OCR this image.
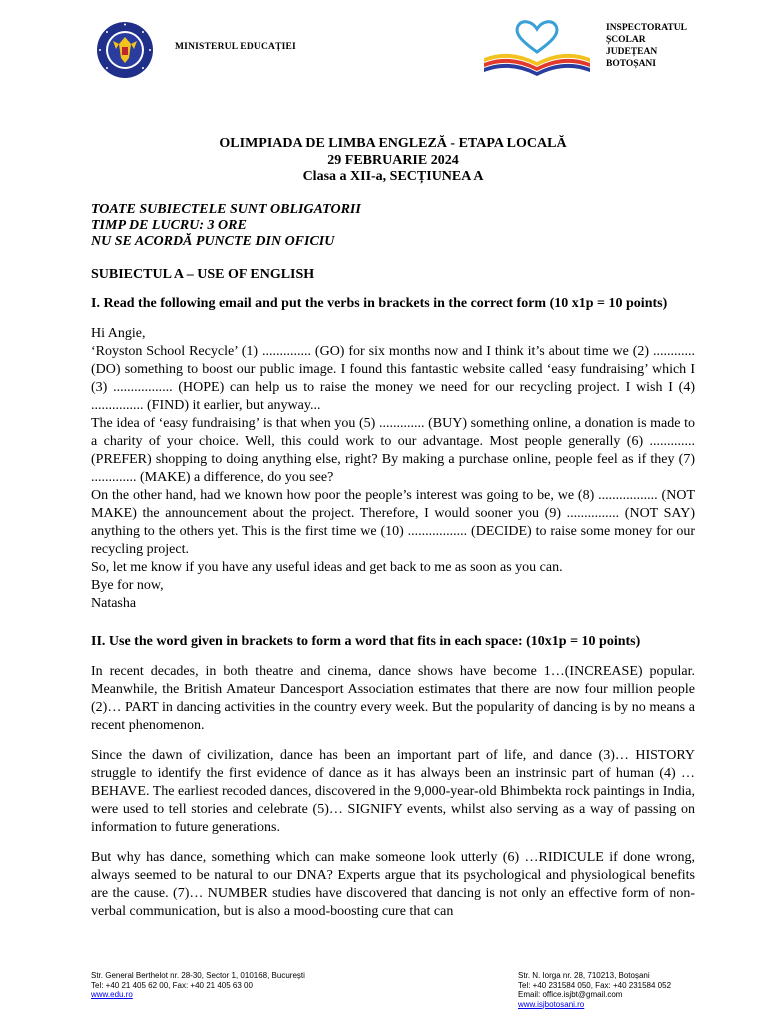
MINISTERUL EDUCAȚIEI
INSPECTORATUL
ȘCOLAR
JUDEȚEAN
BOTOȘANI
OLIMPIADA DE LIMBA ENGLEZĂ - ETAPA LOCALĂ
29 FEBRUARIE 2024
Clasa a XII-a, SECȚIUNEA A
TOATE SUBIECTELE SUNT OBLIGATORII
TIMP DE LUCRU: 3 ORE
NU SE ACORDĂ PUNCTE DIN OFICIU
SUBIECTUL A – USE OF ENGLISH
I. Read the following email and put the verbs in brackets in the correct form (10 x1p = 10 points)
Hi Angie,
‘Royston School Recycle’ (1) .............. (GO) for six months now and I think it’s about time we (2) ............ (DO) something to boost our public image. I found this fantastic website called ‘easy fundraising’ which I (3) ................. (HOPE) can help us to raise the money we need for our recycling project. I wish I (4) ............... (FIND) it earlier, but anyway...
The idea of ‘easy fundraising’ is that when you (5) ............. (BUY) something online, a donation is made to a charity of your choice. Well, this could work to our advantage. Most people generally (6) ............. (PREFER) shopping to doing anything else, right? By making a purchase online, people feel as if they (7) ............. (MAKE) a difference, do you see?
On the other hand, had we known how poor the people’s interest was going to be, we (8) ................. (NOT MAKE) the announcement about the project. Therefore, I would sooner you (9) ............... (NOT SAY) anything to the others yet. This is the first time we (10) ................. (DECIDE) to raise some money for our recycling project.
So, let me know if you have any useful ideas and get back to me as soon as you can.
Bye for now,
Natasha
II. Use the word given in brackets to form a word that fits in each space: (10x1p = 10 points)
In recent decades, in both theatre and cinema, dance shows have become 1…(INCREASE) popular. Meanwhile, the British Amateur Dancesport Association estimates that there are now four million people (2)… PART in dancing activities in the country every week. But the popularity of dancing is by no means a recent phenomenon.
Since the dawn of civilization, dance has been an important part of life, and dance (3)… HISTORY struggle to identify the first evidence of dance as it has always been an instrinsic part of human (4) … BEHAVE. The earliest recoded dances, discovered in the 9,000-year-old Bhimbekta rock paintings in India, were used to tell stories and celebrate (5)… SIGNIFY events, whilst also serving as a way of passing on information to future generations.
But why has dance, something which can make someone look utterly (6) …RIDICULE if done wrong, always seemed to be natural to our DNA? Experts argue that its psychological and physiological benefits are the cause. (7)… NUMBER studies have discovered that dancing is not only an effective form of non-verbal communication, but is also a mood-boosting cure that can
Str. General Berthelot nr. 28-30, Sector 1, 010168, București
Tel: +40 21 405 62 00, Fax: +40 21 405 63 00
www.edu.ro
Str. N. Iorga nr. 28, 710213, Botoșani
Tel: +40 231584 050, Fax: +40 231584 052
Email: office.isjbt@gmail.com
www.isjbotosani.ro
